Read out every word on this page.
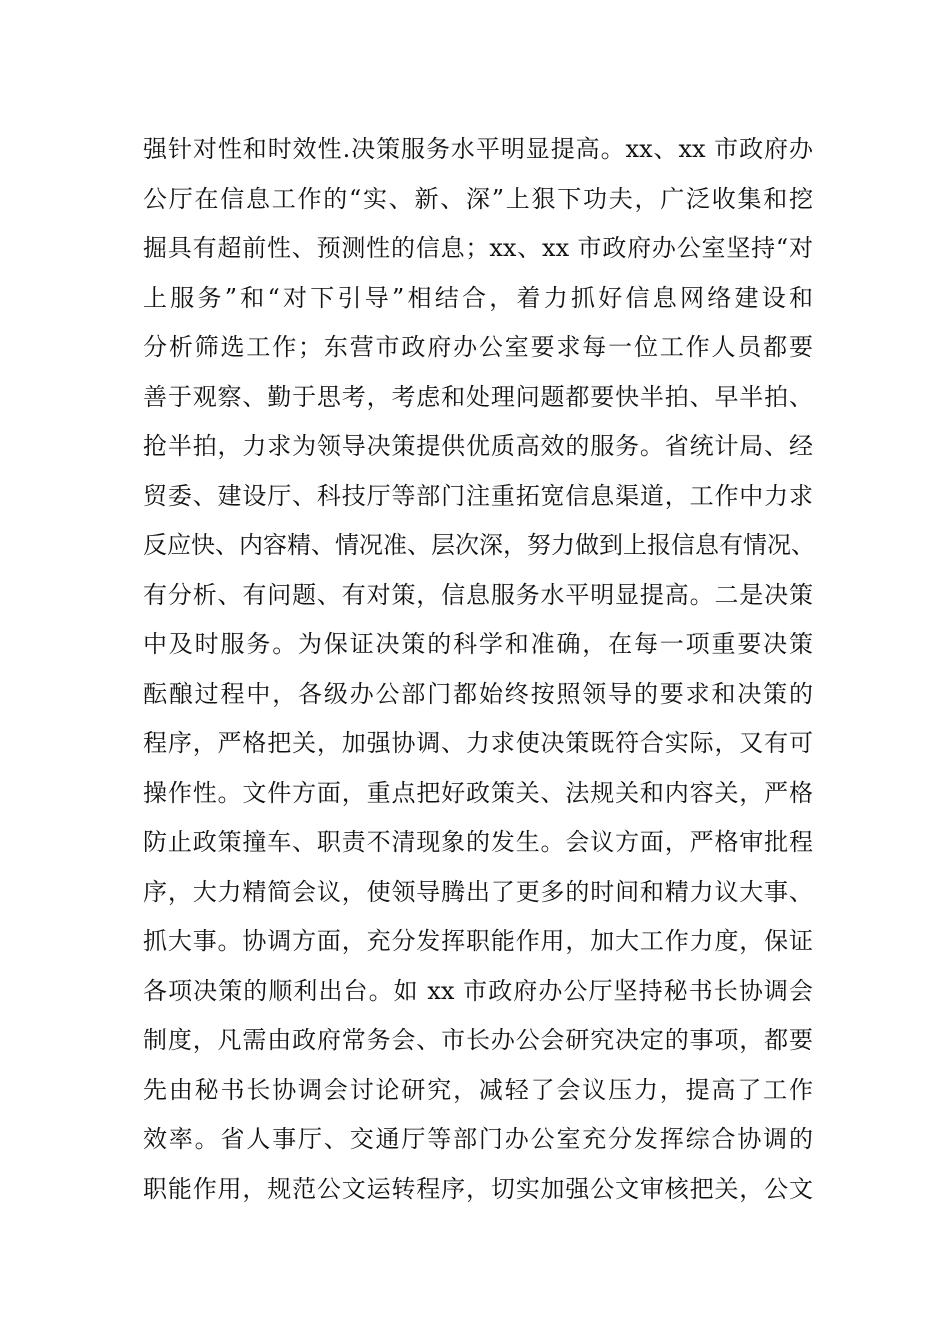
强针对性和时效性.决策服务水平明显提高。xx、xx 市政府办
公厅在信息工作的“实、新、深”上狠下功夫，广泛收集和挖
掘具有超前性、预测性的信息；xx、xx 市政府办公室坚持“对
上服务”和“对下引导”相结合，着力抓好信息网络建设和
分析筛选工作；东营市政府办公室要求每一位工作人员都要
善于观察、勤于思考，考虑和处理问题都要快半拍、早半拍、
抢半拍，力求为领导决策提供优质高效的服务。省统计局、经
贸委、建设厅、科技厅等部门注重拓宽信息渠道，工作中力求
反应快、内容精、情况准、层次深，努力做到上报信息有情况、
有分析、有问题、有对策，信息服务水平明显提高。二是决策
中及时服务。为保证决策的科学和准确，在每一项重要决策
酝酿过程中，各级办公部门都始终按照领导的要求和决策的
程序，严格把关，加强协调、力求使决策既符合实际，又有可
操作性。文件方面，重点把好政策关、法规关和内容关，严格
防止政策撞车、职责不清现象的发生。会议方面，严格审批程
序，大力精简会议，使领导腾出了更多的时间和精力议大事、
抓大事。协调方面，充分发挥职能作用，加大工作力度，保证
各项决策的顺利出台。如 xx 市政府办公厅坚持秘书长协调会
制度，凡需由政府常务会、市长办公会研究决定的事项，都要
先由秘书长协调会讨论研究，减轻了会议压力，提高了工作
效率。省人事厅、交通厅等部门办公室充分发挥综合协调的
职能作用，规范公文运转程序，切实加强公文审核把关，公文
